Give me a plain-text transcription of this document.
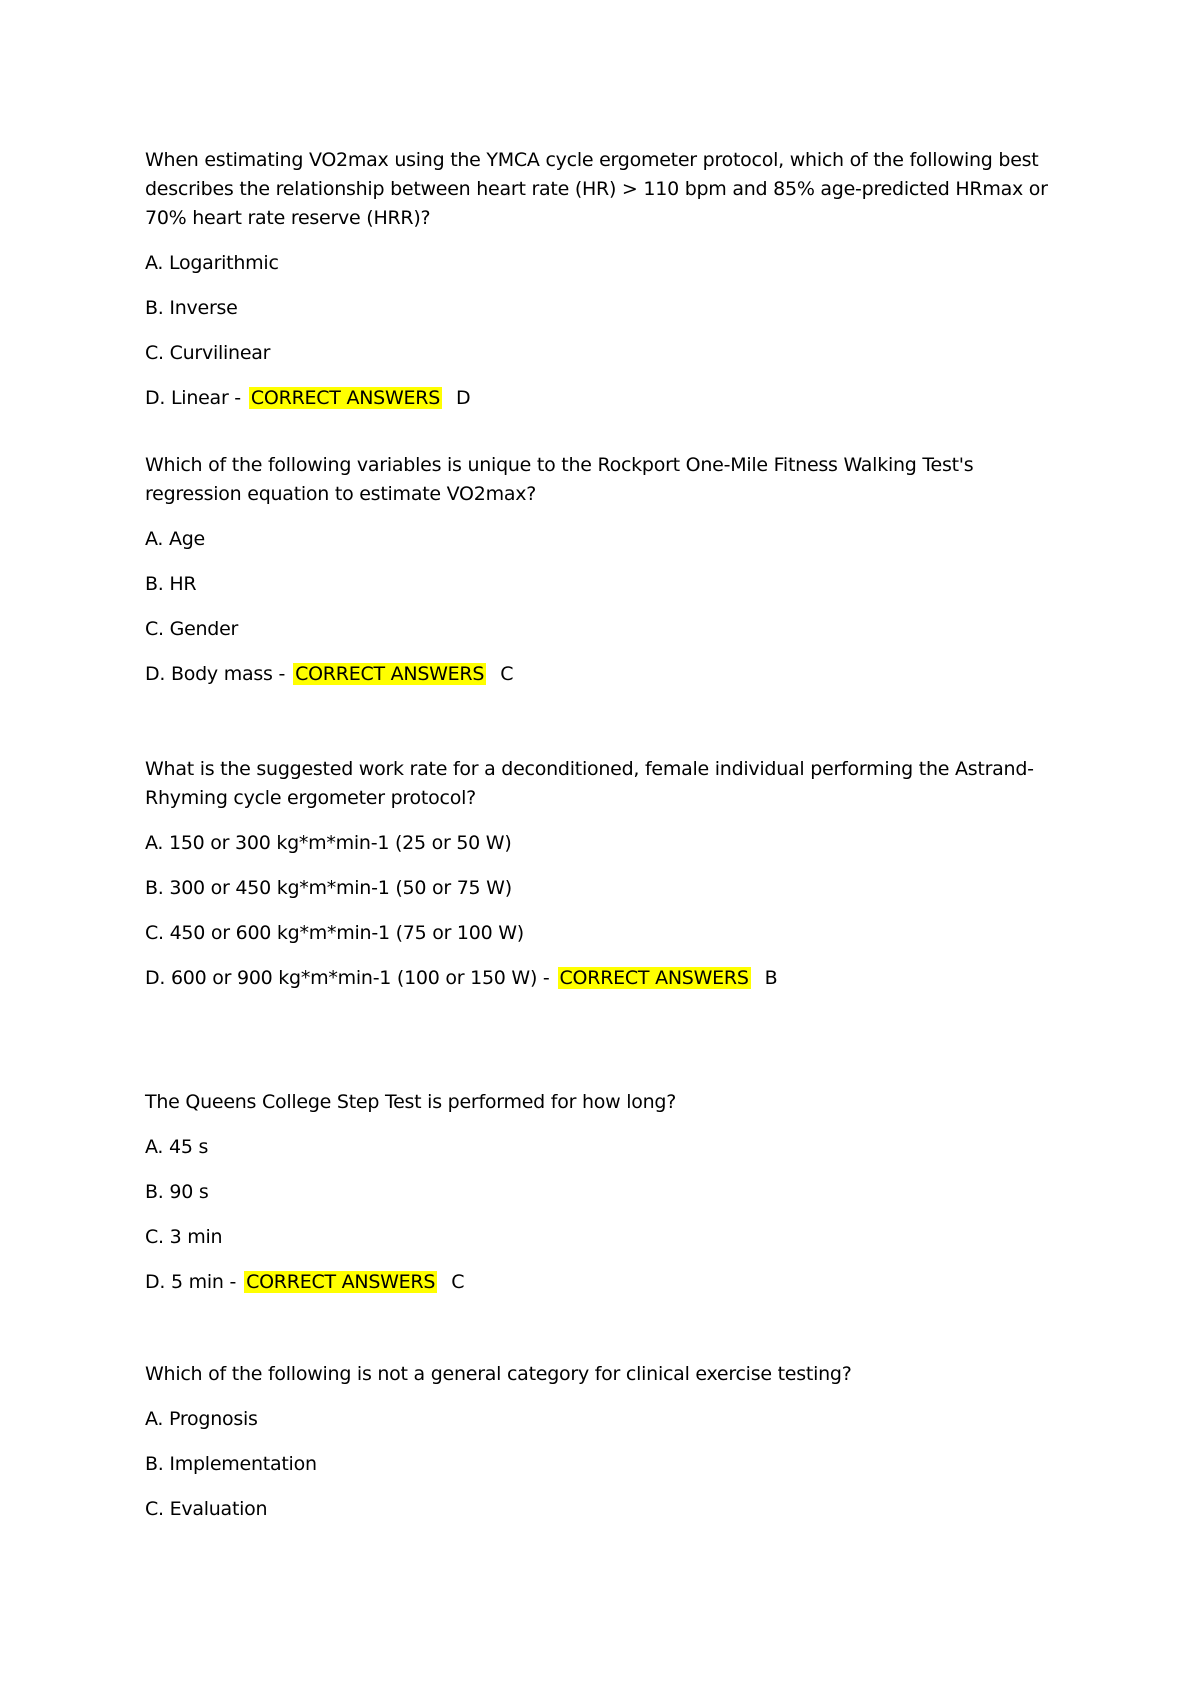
When estimating VO2max using the YMCA cycle ergometer protocol, which of the following best describes the relationship between heart rate (HR) > 110 bpm and 85% age-predicted HRmax or 70% heart rate reserve (HRR)?

A. Logarithmic

B. Inverse

C. Curvilinear

D. Linear - CORRECT ANSWERS D

Which of the following variables is unique to the Rockport One-Mile Fitness Walking Test's regression equation to estimate VO2max?

A. Age

B. HR

C. Gender

D. Body mass - CORRECT ANSWERS C

What is the suggested work rate for a deconditioned, female individual performing the Astrand-Rhyming cycle ergometer protocol?

A. 150 or 300 kg*m*min-1 (25 or 50 W)

B. 300 or 450 kg*m*min-1 (50 or 75 W)

C. 450 or 600 kg*m*min-1 (75 or 100 W)

D. 600 or 900 kg*m*min-1 (100 or 150 W) - CORRECT ANSWERS B

The Queens College Step Test is performed for how long?

A. 45 s

B. 90 s

C. 3 min

D. 5 min - CORRECT ANSWERS C

Which of the following is not a general category for clinical exercise testing?

A. Prognosis

B. Implementation

C. Evaluation
